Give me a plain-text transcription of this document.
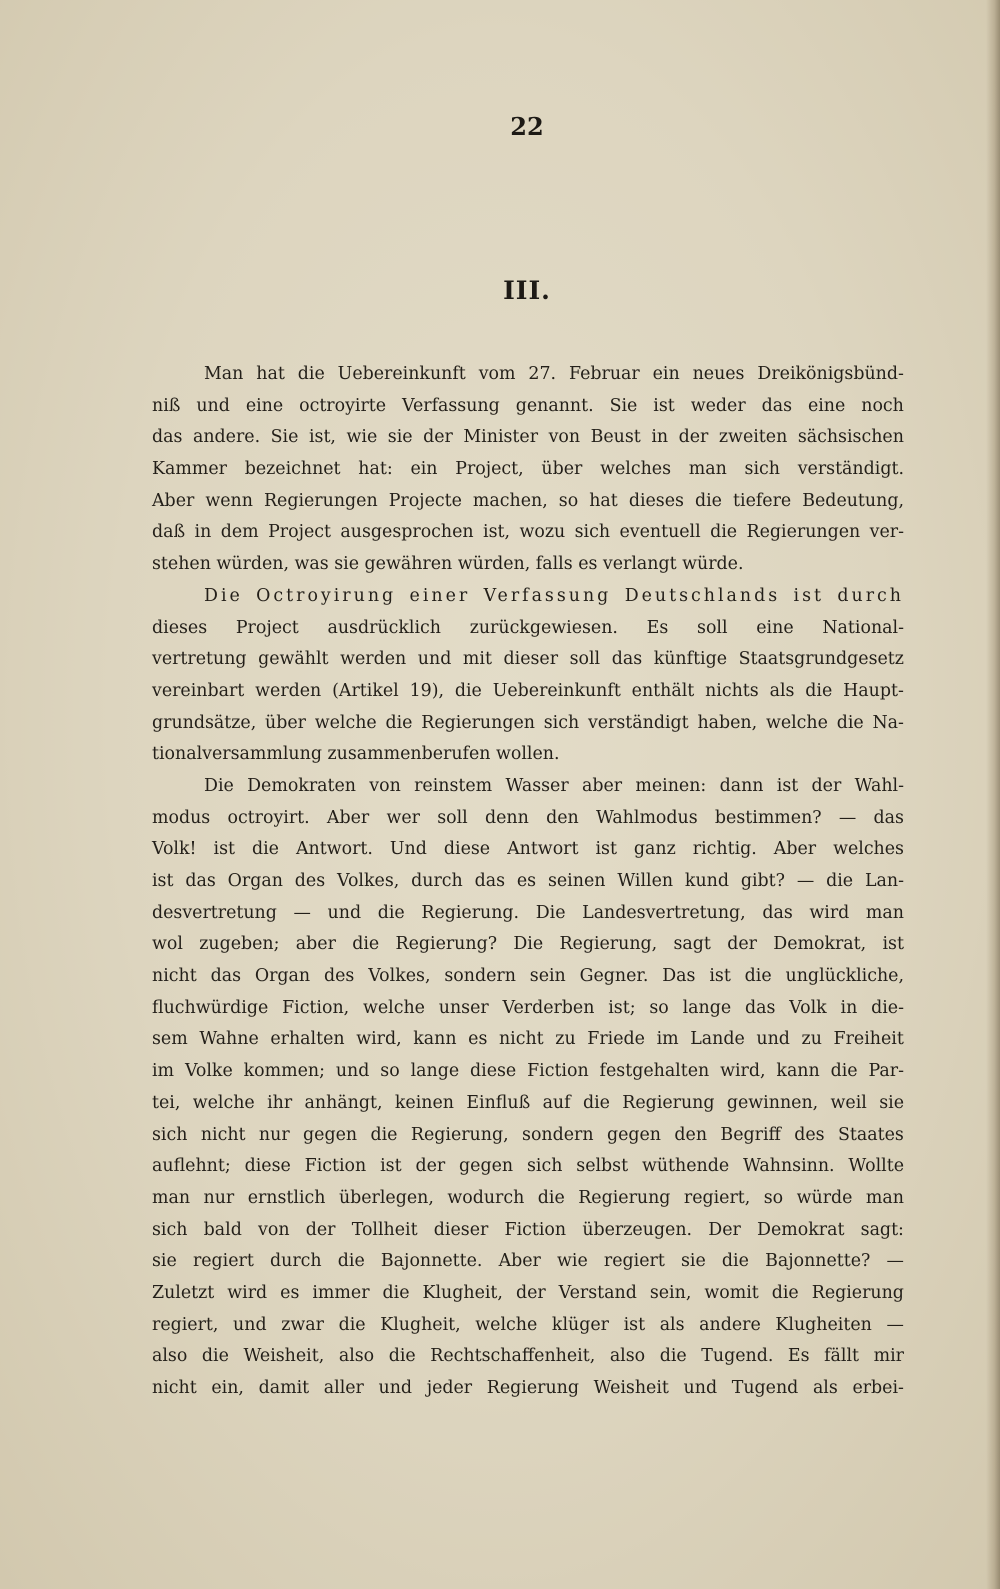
22
III.
Man hat die Uebereinkunft vom 27. Februar ein neues Dreikönigsbünd-
niß und eine octroyirte Verfassung genannt. Sie ist weder das eine noch
das andere. Sie ist, wie sie der Minister von Beust in der zweiten sächsischen
Kammer bezeichnet hat: ein Project, über welches man sich verständigt.
Aber wenn Regierungen Projecte machen, so hat dieses die tiefere Bedeutung,
daß in dem Project ausgesprochen ist, wozu sich eventuell die Regierungen ver-
stehen würden, was sie gewähren würden, falls es verlangt würde.
Die Octroyirung einer Verfassung Deutschlands ist durch
dieses Project ausdrücklich zurückgewiesen. Es soll eine National-
vertretung gewählt werden und mit dieser soll das künftige Staatsgrundgesetz
vereinbart werden (Artikel 19), die Uebereinkunft enthält nichts als die Haupt-
grundsätze, über welche die Regierungen sich verständigt haben, welche die Na-
tionalversammlung zusammenberufen wollen.
Die Demokraten von reinstem Wasser aber meinen: dann ist der Wahl-
modus octroyirt. Aber wer soll denn den Wahlmodus bestimmen? — das
Volk! ist die Antwort. Und diese Antwort ist ganz richtig. Aber welches
ist das Organ des Volkes, durch das es seinen Willen kund gibt? — die Lan-
desvertretung — und die Regierung. Die Landesvertretung, das wird man
wol zugeben; aber die Regierung? Die Regierung, sagt der Demokrat, ist
nicht das Organ des Volkes, sondern sein Gegner. Das ist die unglückliche,
fluchwürdige Fiction, welche unser Verderben ist; so lange das Volk in die-
sem Wahne erhalten wird, kann es nicht zu Friede im Lande und zu Freiheit
im Volke kommen; und so lange diese Fiction festgehalten wird, kann die Par-
tei, welche ihr anhängt, keinen Einfluß auf die Regierung gewinnen, weil sie
sich nicht nur gegen die Regierung, sondern gegen den Begriff des Staates
auflehnt; diese Fiction ist der gegen sich selbst wüthende Wahnsinn. Wollte
man nur ernstlich überlegen, wodurch die Regierung regiert, so würde man
sich bald von der Tollheit dieser Fiction überzeugen. Der Demokrat sagt:
sie regiert durch die Bajonnette. Aber wie regiert sie die Bajonnette? —
Zuletzt wird es immer die Klugheit, der Verstand sein, womit die Regierung
regiert, und zwar die Klugheit, welche klüger ist als andere Klugheiten —
also die Weisheit, also die Rechtschaffenheit, also die Tugend. Es fällt mir
nicht ein, damit aller und jeder Regierung Weisheit und Tugend als erbei-
